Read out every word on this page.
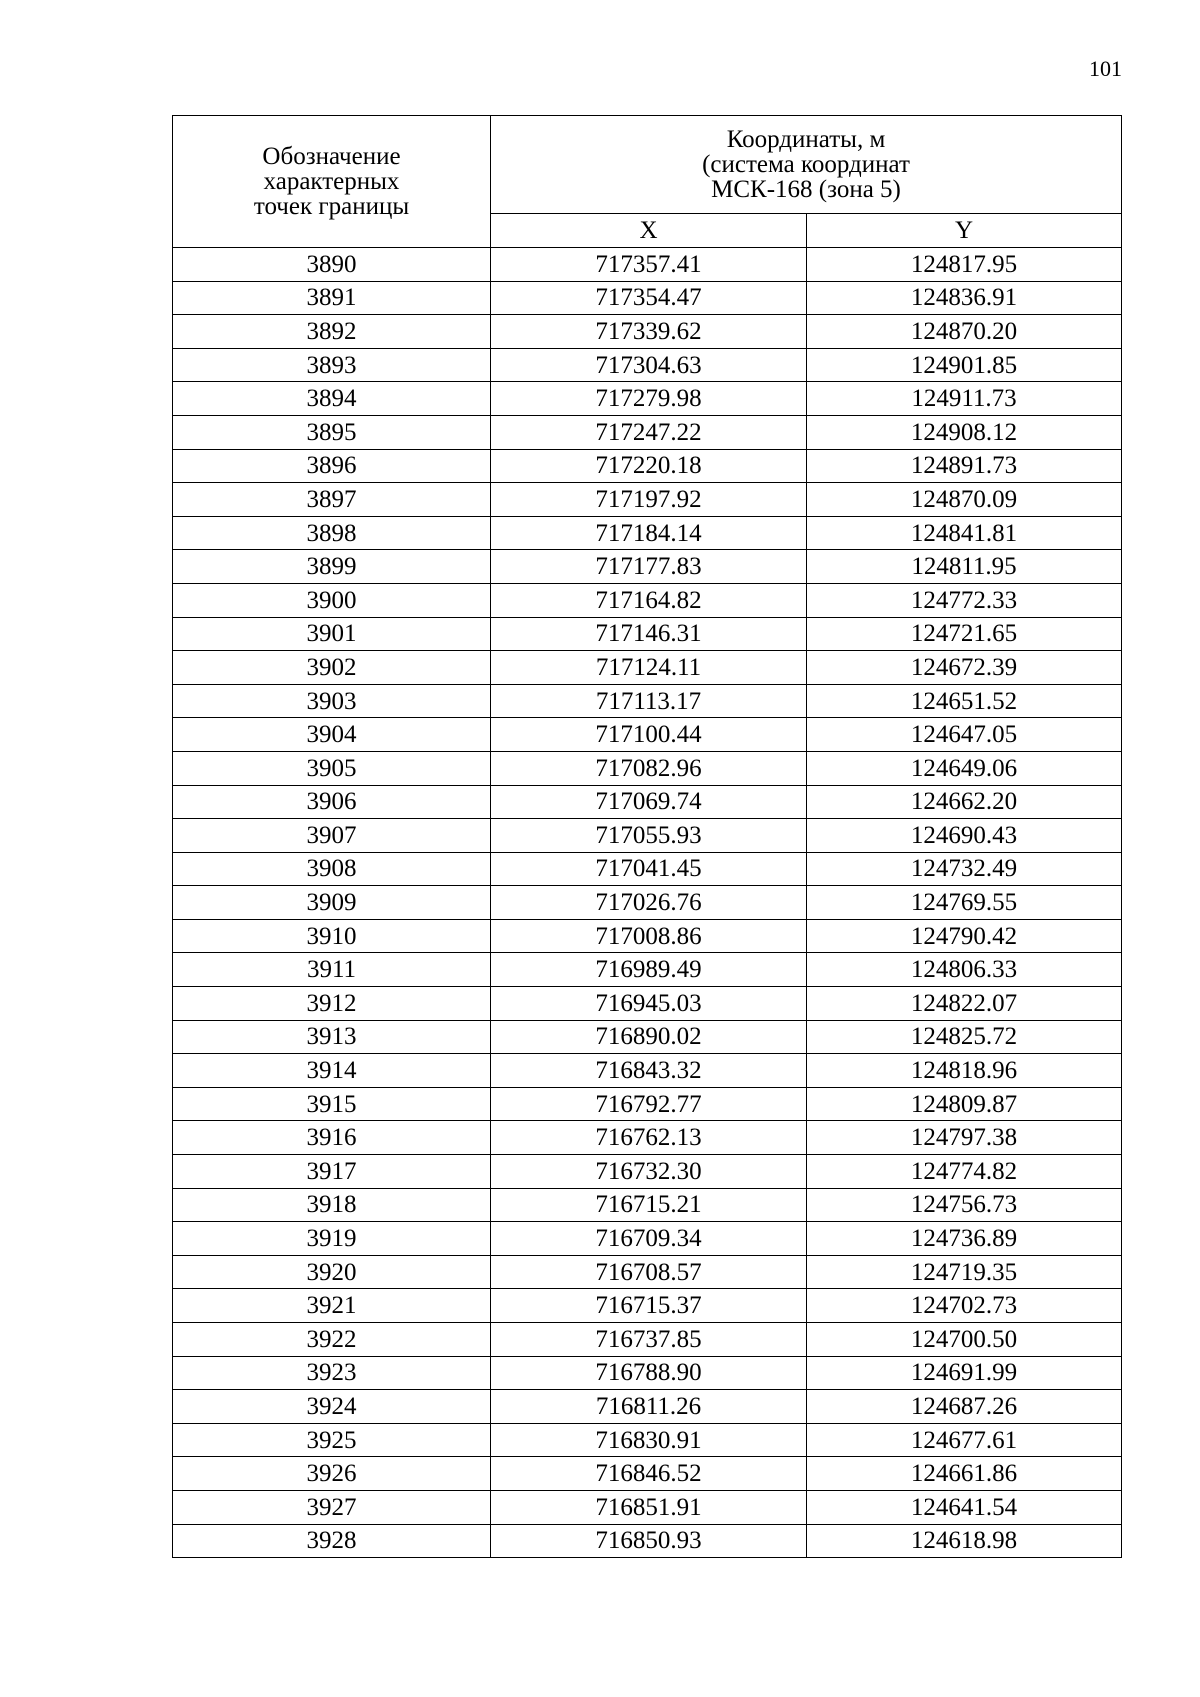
101
Обозначение
характерных
точек границы	Координаты, м
(система координат
МСК-168 (зона 5)	

	X	Y
3890	717357.41	124817.95
3891	717354.47	124836.91
3892	717339.62	124870.20
3893	717304.63	124901.85
3894	717279.98	124911.73
3895	717247.22	124908.12
3896	717220.18	124891.73
3897	717197.92	124870.09
3898	717184.14	124841.81
3899	717177.83	124811.95
3900	717164.82	124772.33
3901	717146.31	124721.65
3902	717124.11	124672.39
3903	717113.17	124651.52
3904	717100.44	124647.05
3905	717082.96	124649.06
3906	717069.74	124662.20
3907	717055.93	124690.43
3908	717041.45	124732.49
3909	717026.76	124769.55
3910	717008.86	124790.42
3911	716989.49	124806.33
3912	716945.03	124822.07
3913	716890.02	124825.72
3914	716843.32	124818.96
3915	716792.77	124809.87
3916	716762.13	124797.38
3917	716732.30	124774.82
3918	716715.21	124756.73
3919	716709.34	124736.89
3920	716708.57	124719.35
3921	716715.37	124702.73
3922	716737.85	124700.50
3923	716788.90	124691.99
3924	716811.26	124687.26
3925	716830.91	124677.61
3926	716846.52	124661.86
3927	716851.91	124641.54
3928	716850.93	124618.98
